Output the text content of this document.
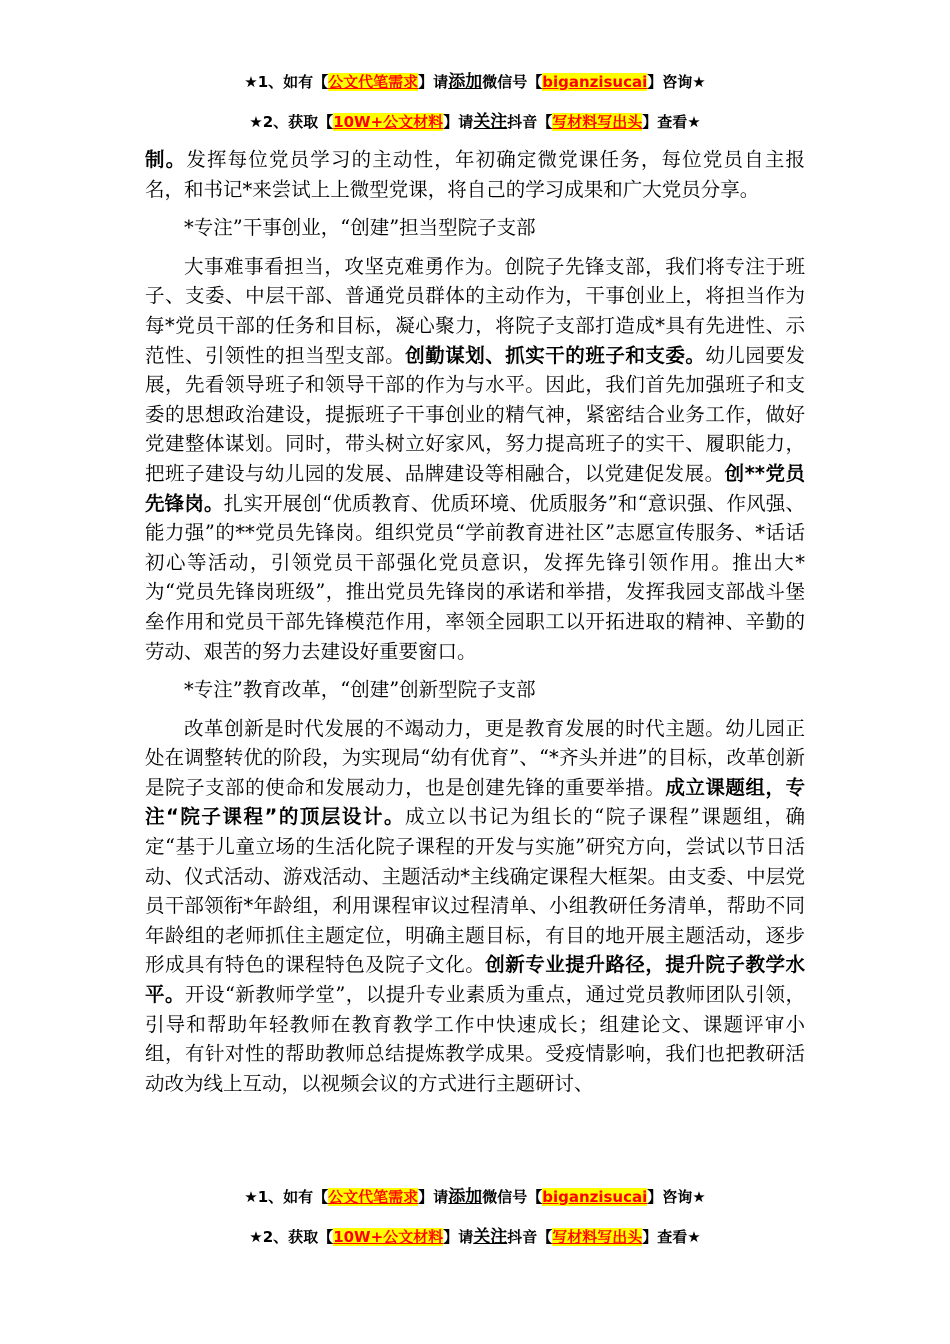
★1、如有【公文代笔需求】请添加微信号【biganzisucai】咨询★
★2、获取【10W+公文材料】请关注抖音【写材料写出头】查看★

制。发挥每位党员学习的主动性，年初确定微党课任务，每位党员自主报名，和书记*来尝试上上微型党课，将自己的学习成果和广大党员分享。

*专注”干事创业，“创建”担当型院子支部

大事难事看担当，攻坚克难勇作为。创院子先锋支部，我们将专注于班子、支委、中层干部、普通党员群体的主动作为，干事创业上，将担当作为每*党员干部的任务和目标，凝心聚力，将院子支部打造成*具有先进性、示范性、引领性的担当型支部。创勤谋划、抓实干的班子和支委。幼儿园要发展，先看领导班子和领导干部的作为与水平。因此，我们首先加强班子和支委的思想政治建设，提振班子干事创业的精气神，紧密结合业务工作，做好党建整体谋划。同时，带头树立好家风，努力提高班子的实干、履职能力，把班子建设与幼儿园的发展、品牌建设等相融合，以党建促发展。创**党员先锋岗。扎实开展创“优质教育、优质环境、优质服务”和“意识强、作风强、能力强”的**党员先锋岗。组织党员“学前教育进社区”志愿宣传服务、*话话初心等活动，引领党员干部强化党员意识，发挥先锋引领作用。推出大*为“党员先锋岗班级”，推出党员先锋岗的承诺和举措，发挥我园支部战斗堡垒作用和党员干部先锋模范作用，率领全园职工以开拓进取的精神、辛勤的劳动、艰苦的努力去建设好重要窗口。

*专注”教育改革，“创建”创新型院子支部

改革创新是时代发展的不竭动力，更是教育发展的时代主题。幼儿园正处在调整转优的阶段，为实现局“幼有优育”、“*齐头并进”的目标，改革创新是院子支部的使命和发展动力，也是创建先锋的重要举措。成立课题组，专注“院子课程”的顶层设计。成立以书记为组长的“院子课程”课题组，确定“基于儿童立场的生活化院子课程的开发与实施”研究方向，尝试以节日活动、仪式活动、游戏活动、主题活动*主线确定课程大框架。由支委、中层党员干部领衔*年龄组，利用课程审议过程清单、小组教研任务清单，帮助不同年龄组的老师抓住主题定位，明确主题目标，有目的地开展主题活动，逐步形成具有特色的课程特色及院子文化。创新专业提升路径，提升院子教学水平。开设“新教师学堂”，以提升专业素质为重点，通过党员教师团队引领，引导和帮助年轻教师在教育教学工作中快速成长；组建论文、课题评审小组，有针对性的帮助教师总结提炼教学成果。受疫情影响，我们也把教研活动改为线上互动，以视频会议的方式进行主题研讨、

★1、如有【公文代笔需求】请添加微信号【biganzisucai】咨询★
★2、获取【10W+公文材料】请关注抖音【写材料写出头】查看★
